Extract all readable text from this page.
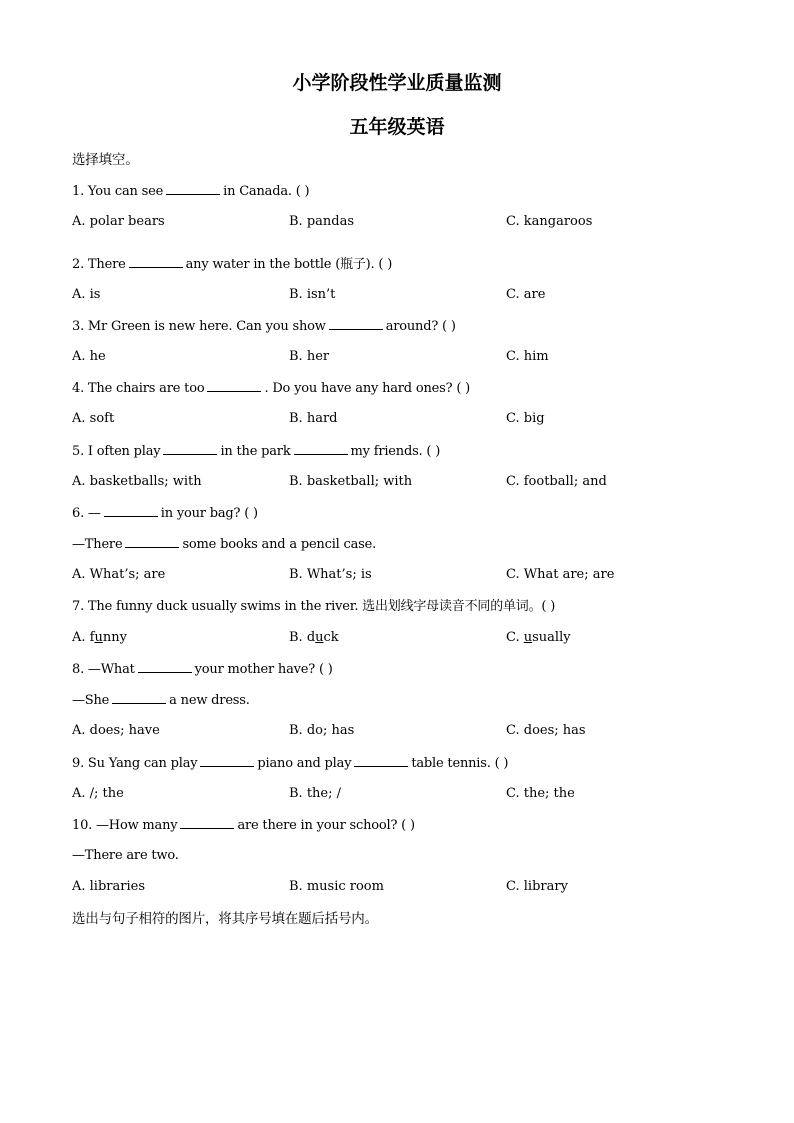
小学阶段性学业质量监测
五年级英语
选择填空。
1. You can see	in Canada. ( )
A. polar bears	B. pandas	C. kangaroos
2. There	any water in the bottle (瓶子). ( )
A. is	B. isn’t	C. are
3. Mr Green is new here. Can you show	around? ( )
A. he	B. her	C. him
4. The chairs are too	. Do you have any hard ones? ( )
A. soft	B. hard	C. big
5. I often play	in the park	my friends. ( )
A. basketballs; with	B. basketball; with	C. football; and
6. —	in your bag? ( )
—There	some books and a pencil case.
A. What’s; are	B. What’s; is	C. What are; are
7. The funny duck usually swims in the river. 选出划线字母读音不同的单词。( )
A. funny	B. duck	C. usually
8. —What	your mother have? ( )
—She	a new dress.
A. does; have	B. do; has	C. does; has
9. Su Yang can play	piano and play	table tennis. ( )
A. /; the	B. the; /	C. the; the
10. —How many	are there in your school? ( )
—There are two.
A. libraries	B. music room	C. library
选出与句子相符的图片，将其序号填在题后括号内。
